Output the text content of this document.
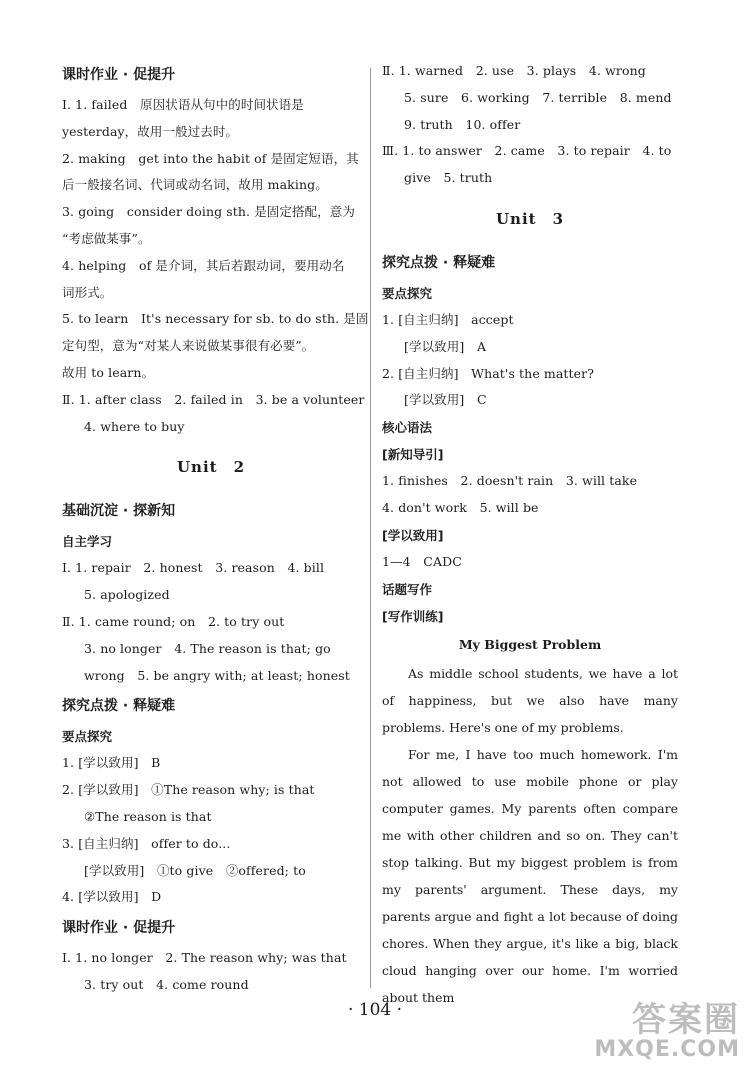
课时作业 · 促提升
Ⅰ. 1. failed　原因状语从句中的时间状语是
yesterday，故用一般过去时。
2. making　get into the habit of 是固定短语，其
后一般接名词、代词或动名词，故用 making。
3. going　consider doing sth. 是固定搭配，意为
“考虑做某事”。
4. helping　of 是介词，其后若跟动词，要用动名
词形式。
5. to learn　It's necessary for sb. to do sth. 是固
定句型，意为“对某人来说做某事很有必要”。
故用 to learn。
Ⅱ. 1. after class　2. failed in　3. be a volunteer
4. where to buy
Unit　2
基础沉淀 · 探新知
自主学习
Ⅰ. 1. repair　2. honest　3. reason　4. bill
5. apologized
Ⅱ. 1. came round; on　2. to try out
3. no longer　4. The reason is that; go
wrong　5. be angry with; at least; honest
探究点拨 · 释疑难
要点探究
1. [学以致用]　B
2. [学以致用]　①The reason why; is that
②The reason is that
3. [自主归纳]　offer to do...
[学以致用]　①to give　②offered; to
4. [学以致用]　D
课时作业 · 促提升
Ⅰ. 1. no longer　2. The reason why; was that
3. try out　4. come round
Ⅱ. 1. warned　2. use　3. plays　4. wrong
5. sure　6. working　7. terrible　8. mend
9. truth　10. offer
Ⅲ. 1. to answer　2. came　3. to repair　4. to
give　5. truth
Unit　3
探究点拨 · 释疑难
要点探究
1. [自主归纳]　accept
[学以致用]　A
2. [自主归纳]　What's the matter?
[学以致用]　C
核心语法
[新知导引]
1. finishes　2. doesn't rain　3. will take
4. don't work　5. will be
[学以致用]
1—4　CADC
话题写作
[写作训练]
My Biggest Problem
As middle school students, we have a lot of happiness, but we also have many problems. Here's one of my problems.
For me, I have too much homework. I'm not allowed to use mobile phone or play computer games. My parents often compare me with other children and so on. They can't stop talking. But my biggest problem is from my parents' argument. These days, my parents argue and fight a lot because of doing chores. When they argue, it's like a big, black cloud hanging over our home. I'm worried about them
· 104 ·	答案圈
MXQE.COM
